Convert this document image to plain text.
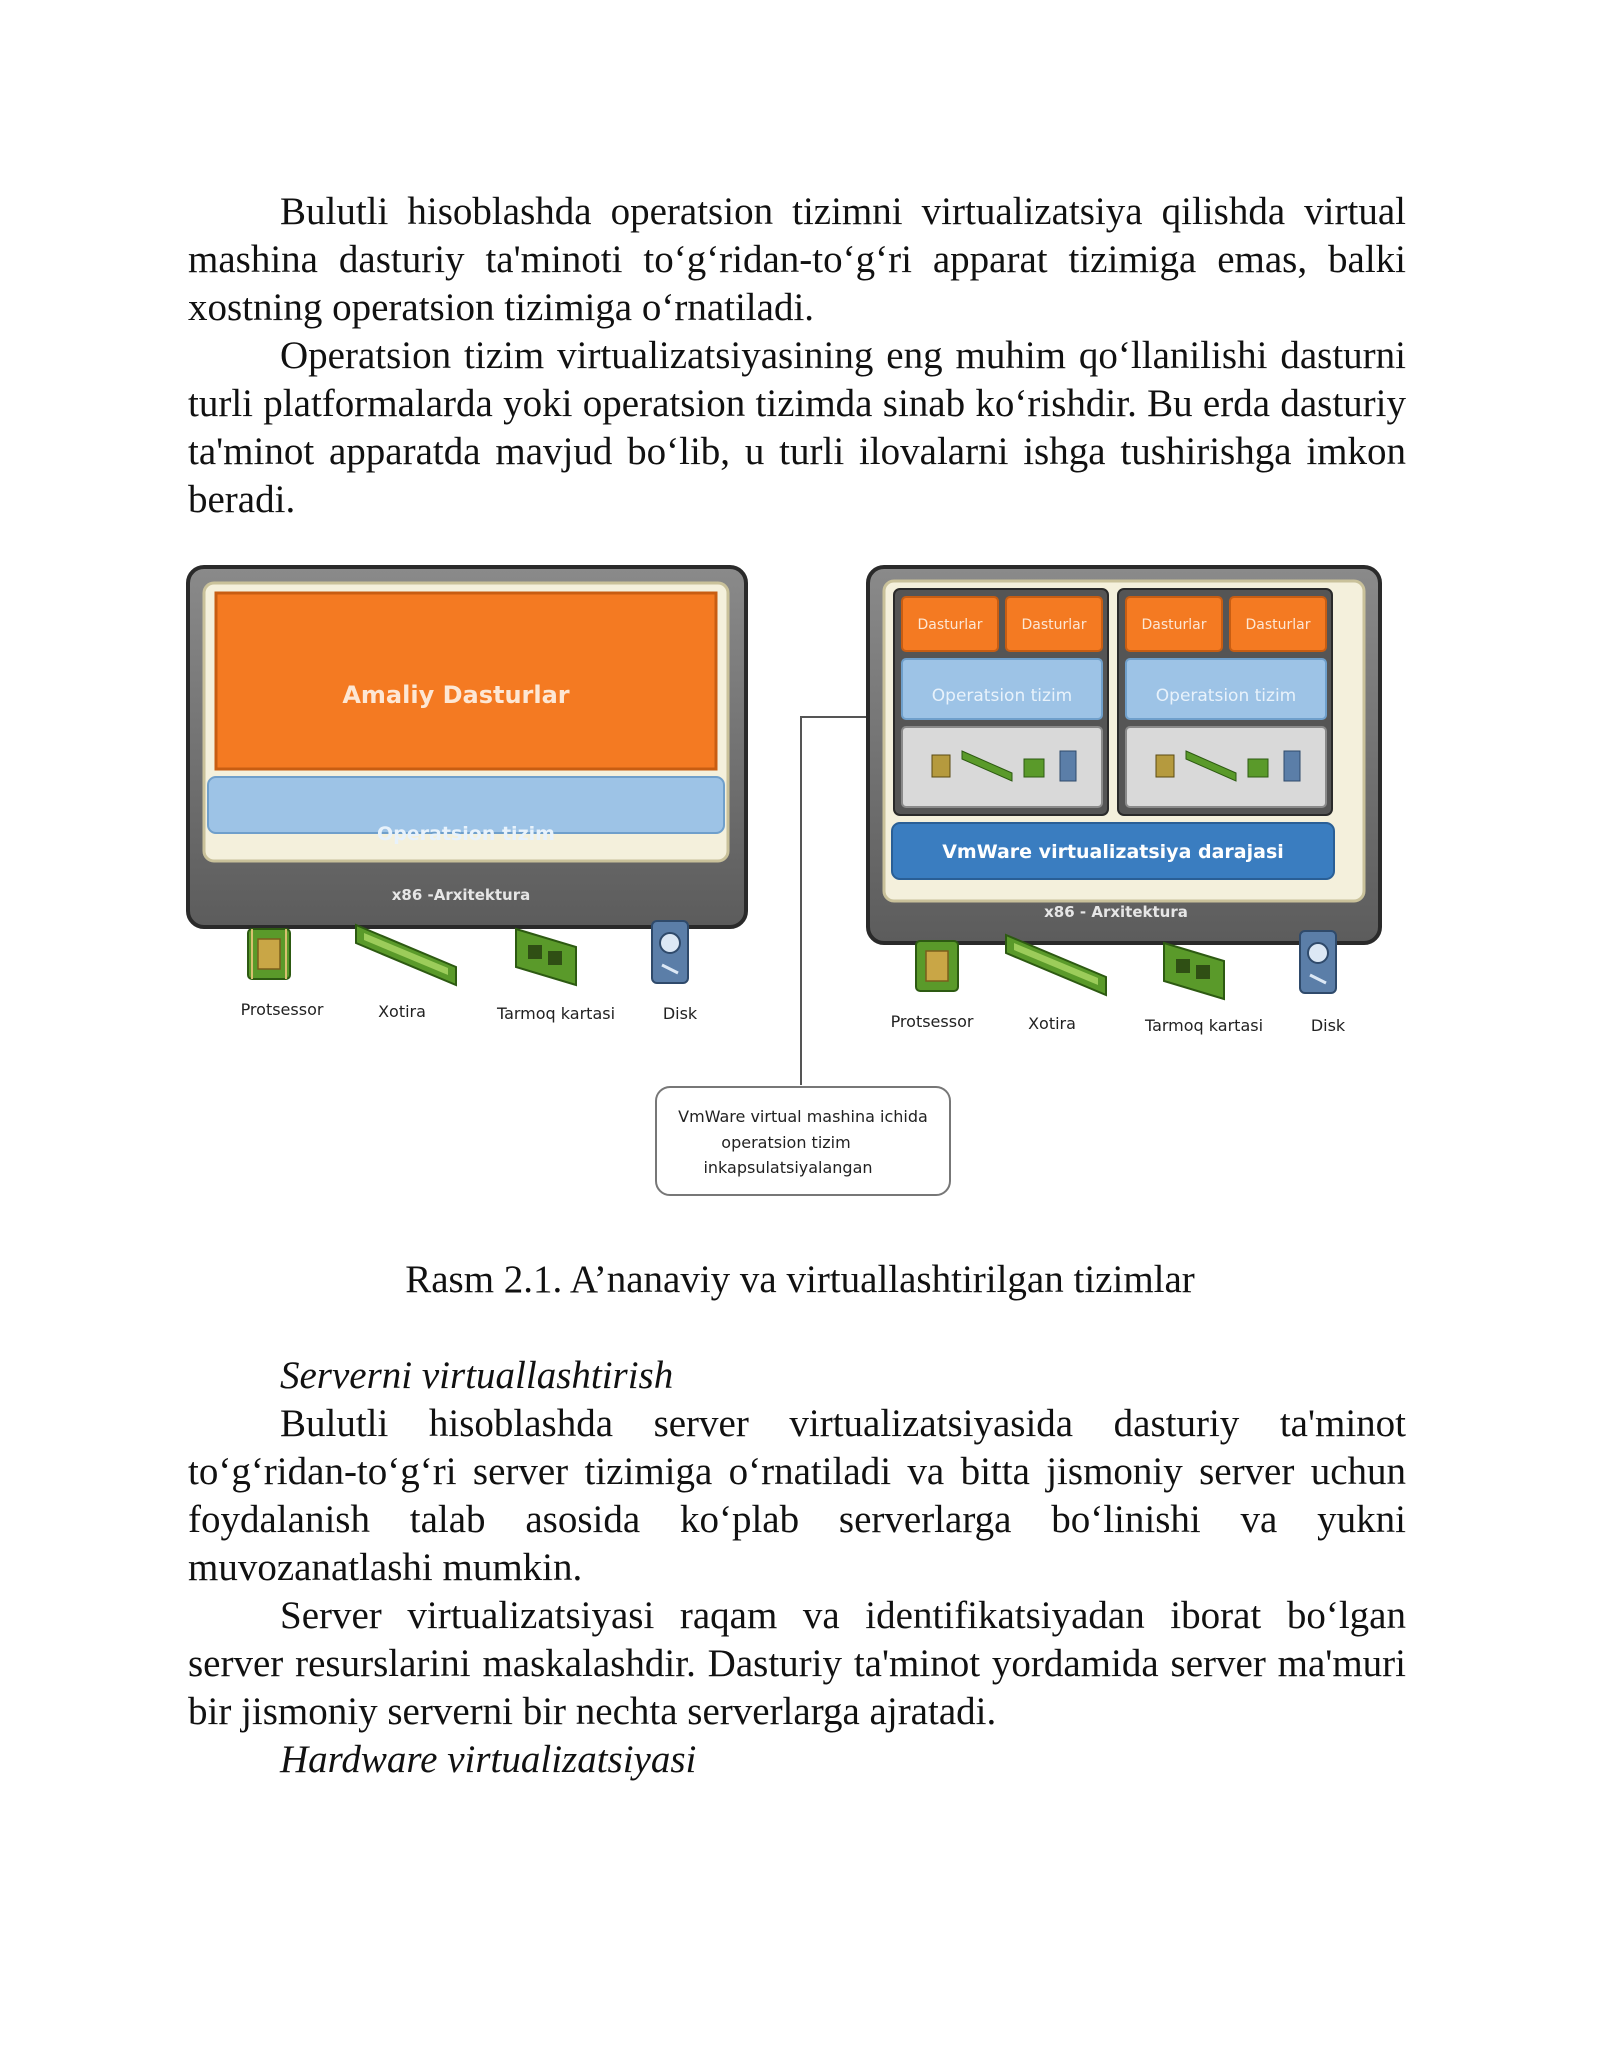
Bulutli hisoblashda operatsion tizimni virtualizatsiya qilishda virtual mashina dasturiy ta'minoti to‘g‘ridan-to‘g‘ri apparat tizimiga emas, balki xostning operatsion tizimiga o‘rnatiladi.

Operatsion tizim virtualizatsiyasining eng muhim qo‘llanilishi dasturni turli platformalarda yoki operatsion tizimda sinab ko‘rishdir. Bu erda dasturiy ta'minot apparatda mavjud bo‘lib, u turli ilovalarni ishga tushirishga imkon beradi.

Amaliy Dasturlar
Operatsion tizim
x86 -Arxitektura
Protsessor	Xotira	Tarmoq kartasi	Disk
Dasturlar	Dasturlar
Operatsion tizim
Dasturlar	Dasturlar
Operatsion tizim
VmWare virtualizatsiya darajasi
x86 - Arxitektura
Protsessor	Xotira	Tarmoq kartasi	Disk
VmWare virtual mashina ichida
operatsion tizim
inkapsulatsiyalangan

Rasm 2.1. A’nanaviy va virtuallashtirilgan tizimlar

Serverni virtuallashtirish

Bulutli hisoblashda server virtualizatsiyasida dasturiy ta'minot to‘g‘ridan-to‘g‘ri server tizimiga o‘rnatiladi va bitta jismoniy server uchun foydalanish talab asosida ko‘plab serverlarga bo‘linishi va yukni muvozanatlashi mumkin.

Server virtualizatsiyasi raqam va identifikatsiyadan iborat bo‘lgan server resurslarini maskalashdir. Dasturiy ta'minot yordamida server ma'muri bir jismoniy serverni bir nechta serverlarga ajratadi.

Hardware virtualizatsiyasi
